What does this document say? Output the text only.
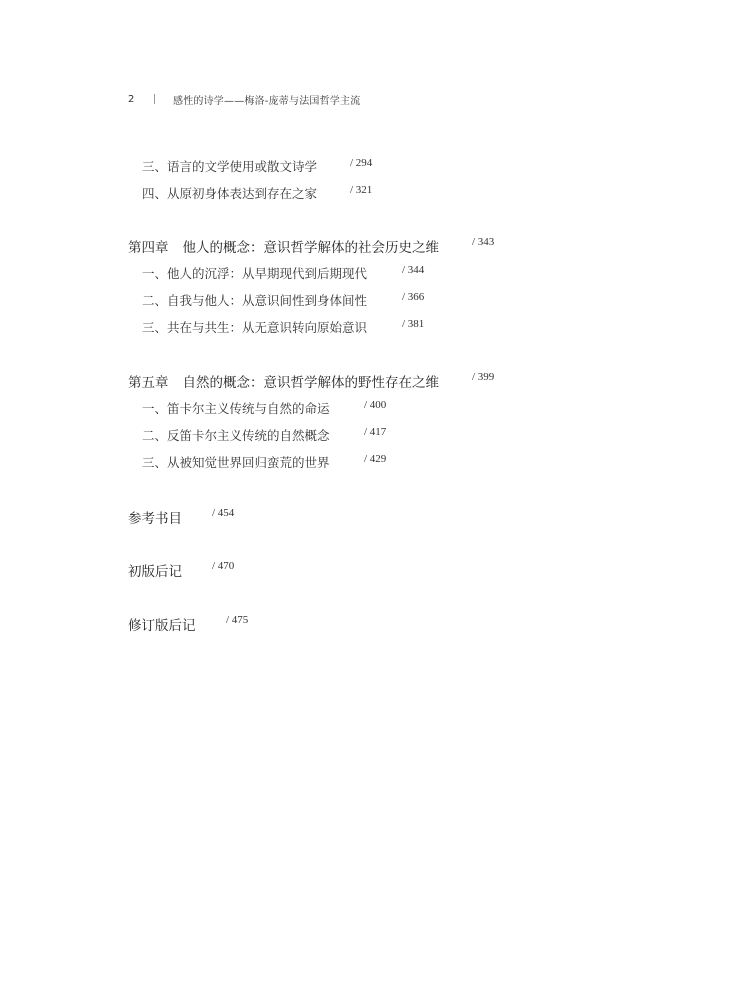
2	感性的诗学——梅洛-庞蒂与法国哲学主流
三、语言的文学使用或散文诗学	/ 294
四、从原初身体表达到存在之家	/ 321
第四章 他人的概念：意识哲学解体的社会历史之维	/ 343
一、他人的沉浮：从早期现代到后期现代	/ 344
二、自我与他人：从意识间性到身体间性	/ 366
三、共在与共生：从无意识转向原始意识	/ 381
第五章 自然的概念：意识哲学解体的野性存在之维	/ 399
一、笛卡尔主义传统与自然的命运	/ 400
二、反笛卡尔主义传统的自然概念	/ 417
三、从被知觉世界回归蛮荒的世界	/ 429
参考书目	/ 454
初版后记	/ 470
修订版后记	/ 475
